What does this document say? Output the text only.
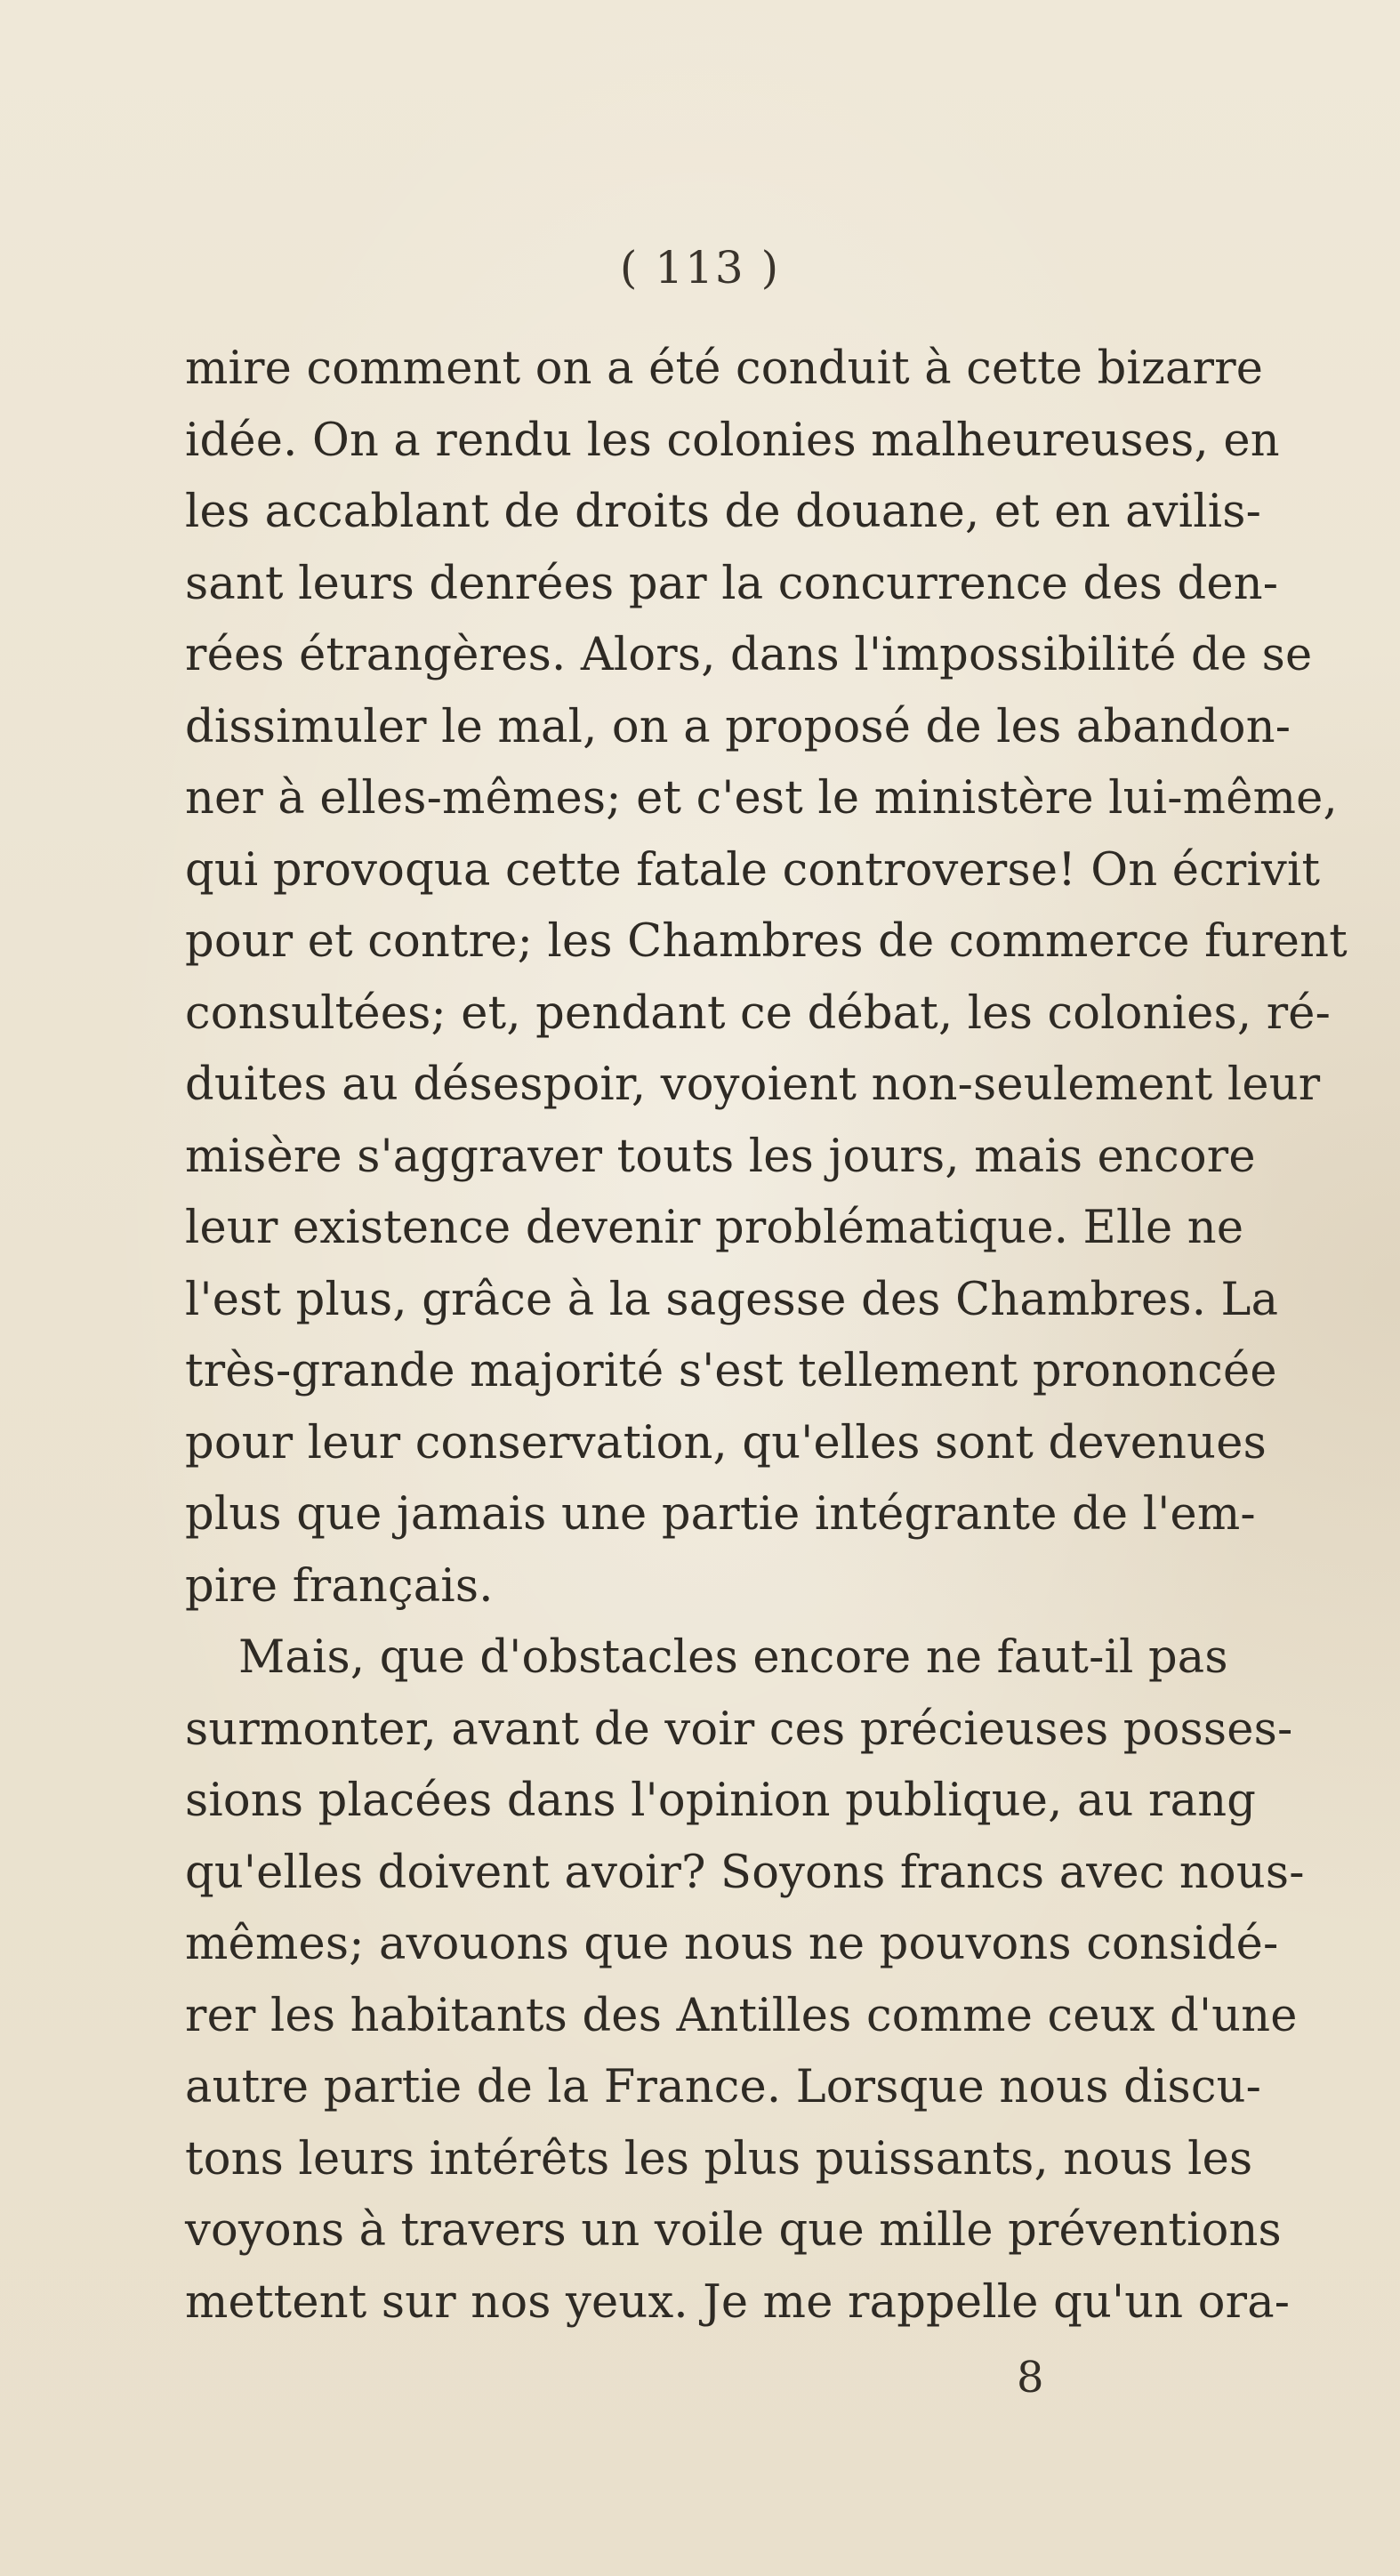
( 113 )
mire comment on a été conduit à cette bizarre
idée. On a rendu les colonies malheureuses, en
les accablant de droits de douane, et en avilis-
sant leurs denrées par la concurrence des den-
rées étrangères. Alors, dans l'impossibilité de se
dissimuler le mal, on a proposé de les abandon-
ner à elles-mêmes; et c'est le ministère lui-même,
qui provoqua cette fatale controverse! On écrivit
pour et contre; les Chambres de commerce furent
consultées; et, pendant ce débat, les colonies, ré-
duites au désespoir, voyoient non-seulement leur
misère s'aggraver touts les jours, mais encore
leur existence devenir problématique. Elle ne
l'est plus, grâce à la sagesse des Chambres. La
très-grande majorité s'est tellement prononcée
pour leur conservation, qu'elles sont devenues
plus que jamais une partie intégrante de l'em-
pire français.
Mais, que d'obstacles encore ne faut-il pas
surmonter, avant de voir ces précieuses posses-
sions placées dans l'opinion publique, au rang
qu'elles doivent avoir? Soyons francs avec nous-
mêmes; avouons que nous ne pouvons considé-
rer les habitants des Antilles comme ceux d'une
autre partie de la France. Lorsque nous discu-
tons leurs intérêts les plus puissants, nous les
voyons à travers un voile que mille préventions
mettent sur nos yeux. Je me rappelle qu'un ora-
8
